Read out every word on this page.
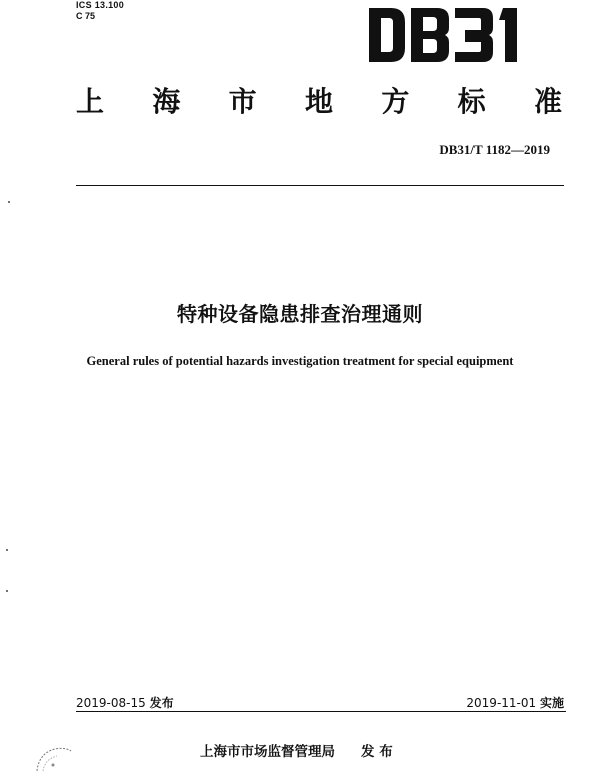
ICS 13.100
C 75
上 海 市 地 方 标 准
DB31/T 1182—2019
特种设备隐患排查治理通则
General rules of potential hazards investigation treatment for special equipment
2019-08-15 发布	2019-11-01 实施
上海市市场监督管理局 发 布
